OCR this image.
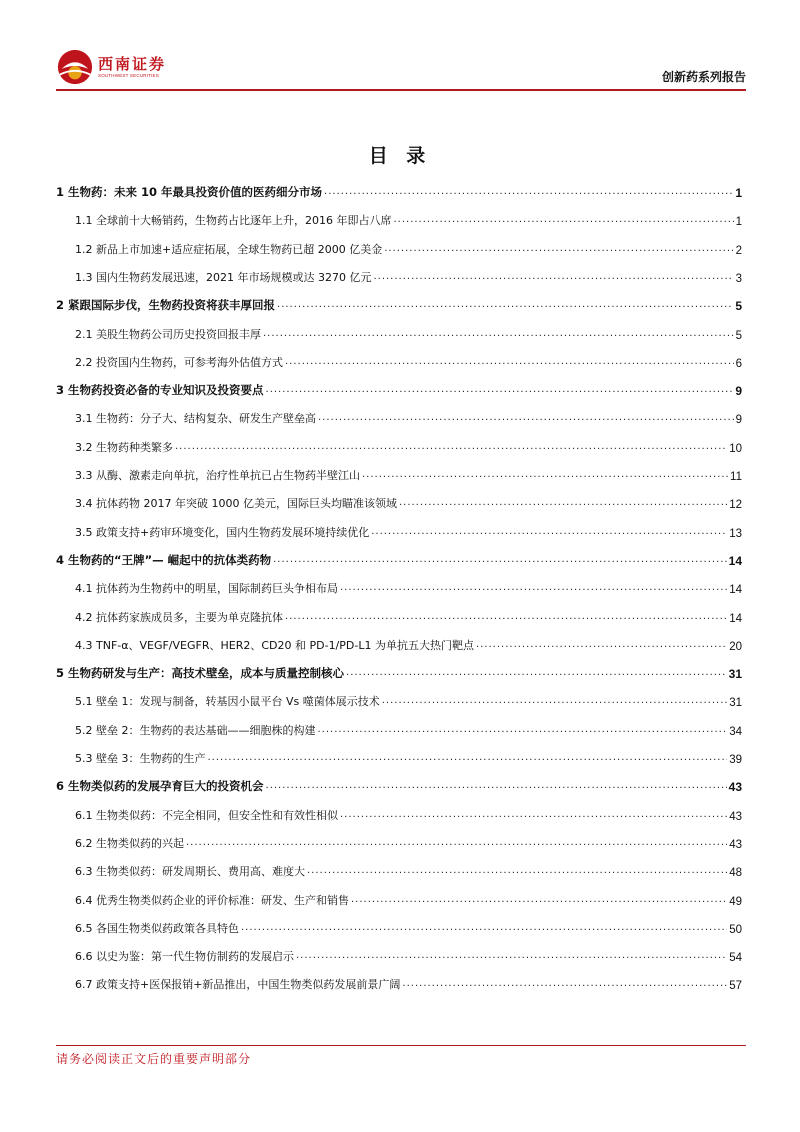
西南证券
SOUTHWEST SECURITIES	创新药系列报告
目 录
1 生物药：未来 10 年最具投资价值的医药细分市场 .....	1
1.1 全球前十大畅销药，生物药占比逐年上升，2016 年即占八席 .....	1
1.2 新品上市加速+适应症拓展，全球生物药已超 2000 亿美金 .....	2
1.3 国内生物药发展迅速，2021 年市场规模或达 3270 亿元 .....	3
2 紧跟国际步伐，生物药投资将获丰厚回报 .....	5
2.1 美股生物药公司历史投资回报丰厚 .....	5
2.2 投资国内生物药，可参考海外估值方式 .....	6
3 生物药投资必备的专业知识及投资要点 .....	9
3.1 生物药：分子大、结构复杂、研发生产壁垒高 .....	9
3.2 生物药种类繁多 .....	10
3.3 从酶、激素走向单抗，治疗性单抗已占生物药半壁江山 .....	11
3.4 抗体药物 2017 年突破 1000 亿美元，国际巨头均瞄准该领域 .....	12
3.5 政策支持+药审环境变化，国内生物药发展环境持续优化 .....	13
4 生物药的“王牌”— 崛起中的抗体类药物 .....	14
4.1 抗体药为生物药中的明星，国际制药巨头争相布局 .....	14
4.2 抗体药家族成员多，主要为单克隆抗体 .....	14
4.3 TNF-α、VEGF/VEGFR、HER2、CD20 和 PD-1/PD-L1 为单抗五大热门靶点 .....	20
5 生物药研发与生产：高技术壁垒，成本与质量控制核心 .....	31
5.1 壁垒 1：发现与制备，转基因小鼠平台 Vs 噬菌体展示技术 .....	31
5.2 壁垒 2：生物药的表达基础——细胞株的构建 .....	34
5.3 壁垒 3：生物药的生产 .....	39
6 生物类似药的发展孕育巨大的投资机会 .....	43
6.1 生物类似药：不完全相同，但安全性和有效性相似 .....	43
6.2 生物类似药的兴起 .....	43
6.3 生物类似药：研发周期长、费用高、难度大 .....	48
6.4 优秀生物类似药企业的评价标准：研发、生产和销售 .....	49
6.5 各国生物类似药政策各具特色 .....	50
6.6 以史为鉴：第一代生物仿制药的发展启示 .....	54
6.7 政策支持+医保报销+新品推出，中国生物类似药发展前景广阔 .....	57
请务必阅读正文后的重要声明部分
